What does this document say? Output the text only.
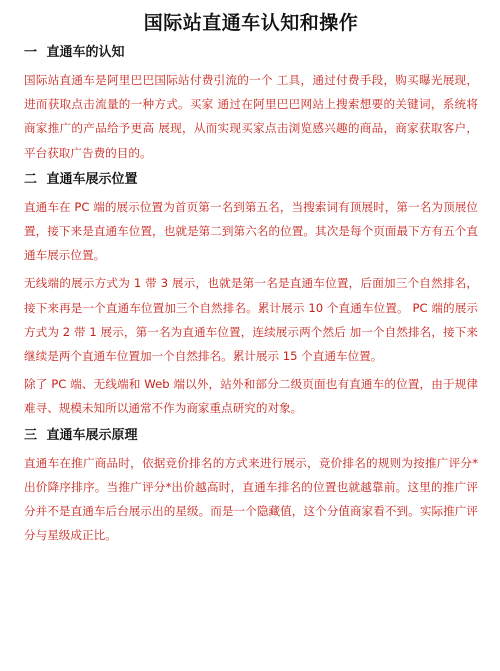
国际站直通车认知和操作
一 直通车的认知

国际站直通车是阿里巴巴国际站付费引流的一个 工具，通过付费手段，购买曝光展现，进而获取点击流量的一种方式。买家 通过在阿里巴巴网站上搜索想要的关键词，系统将商家推广的产品给予更高 展现，从而实现买家点击浏览感兴趣的商品，商家获取客户，平台获取广告费的目的。

二 直通车展示位置

直通车在 PC 端的展示位置为首页第一名到第五名，当搜索词有顶展时，第一名为顶展位置，接下来是直通车位置，也就是第二到第六名的位置。其次是每个页面最下方有五个直通车展示位置。

无线端的展示方式为 1 带 3 展示，也就是第一名是直通车位置，后面加三个自然排名，接下来再是一个直通车位置加三个自然排名。累计展示 10 个直通车位置。 PC 端的展示方式为 2 带 1 展示，第一名为直通车位置，连续展示两个然后 加一个自然排名，接下来继续是两个直通车位置加一个自然排名。累计展示 15 个直通车位置。

除了 PC 端、无线端和 Web 端以外，站外和部分二级页面也有直通车的位置，由于规律难寻、规模未知所以通常不作为商家重点研究的对象。

三 直通车展示原理

直通车在推广商品时，依据竞价排名的方式来进行展示，竞价排名的规则为按推广评分*出价降序排序。当推广评分*出价越高时，直通车排名的位置也就越靠前。这里的推广评分并不是直通车后台展示出的星级。而是一个隐藏值，这个分值商家看不到。实际推广评分与星级成正比。
